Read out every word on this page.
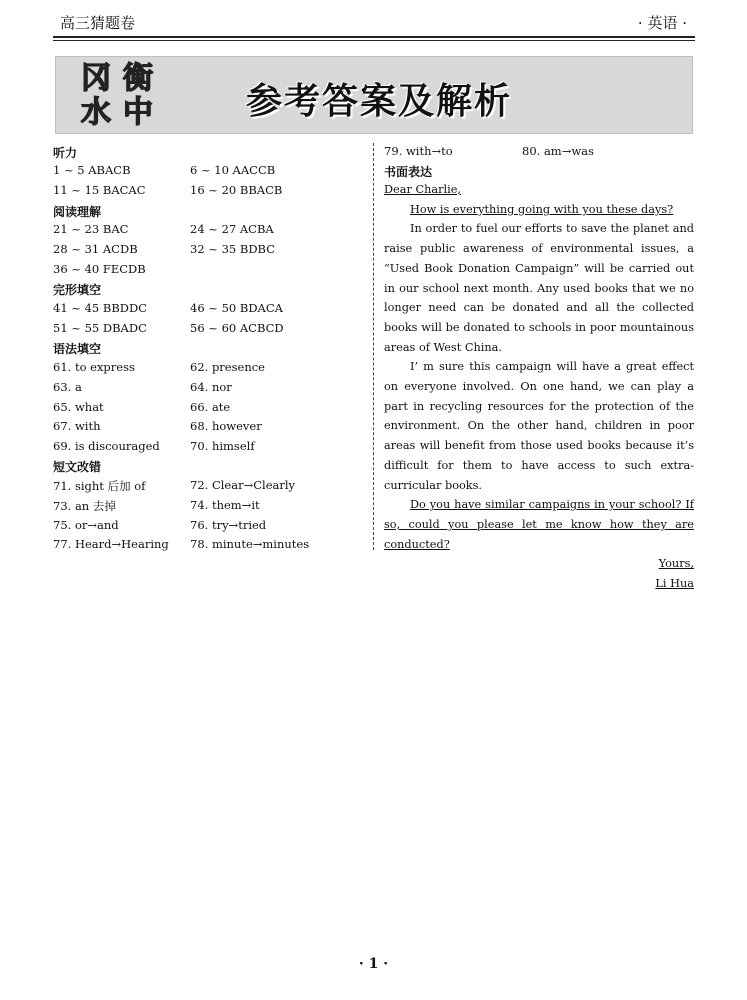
高三猜题卷	· 英语 ·
冈 衡
水 中	参考答案及解析
听力
1 ~ 5 ABACB	6 ~ 10 AACCB
11 ~ 15 BACAC	16 ~ 20 BBACB
阅读理解
21 ~ 23 BAC	24 ~ 27 ACBA
28 ~ 31 ACDB	32 ~ 35 BDBC
36 ~ 40 FECDB
完形填空
41 ~ 45 BBDDC	46 ~ 50 BDACA
51 ~ 55 DBADC	56 ~ 60 ACBCD
语法填空
61. to express	62. presence
63. a	64. nor
65. what	66. ate
67. with	68. however
69. is discouraged	70. himself
短文改错
71. sight 后加 of	72. Clear→Clearly
73. an 去掉	74. them→it
75. or→and	76. try→tried
77. Heard→Hearing 78. minute→minutes
79. with→to	80. am→was
书面表达

Dear Charlie,

How is everything going with you these days?

In order to fuel our efforts to save the planet and raise public awareness of environmental issues, a “Used Book Donation Campaign” will be carried out in our school next month. Any used books that we no longer need can be donated and all the collected books will be donated to schools in poor mountainous areas of West China.

I’ m sure this campaign will have a great effect on everyone involved. On one hand, we can play a part in recycling resources for the protection of the environment. On the other hand, children in poor areas will benefit from those used books because it’s difficult for them to have access to such extra-curricular books.

Do you have similar campaigns in your school? If so, could you please let me know how they are conducted?

Yours,

Li Hua

· 1 ·
